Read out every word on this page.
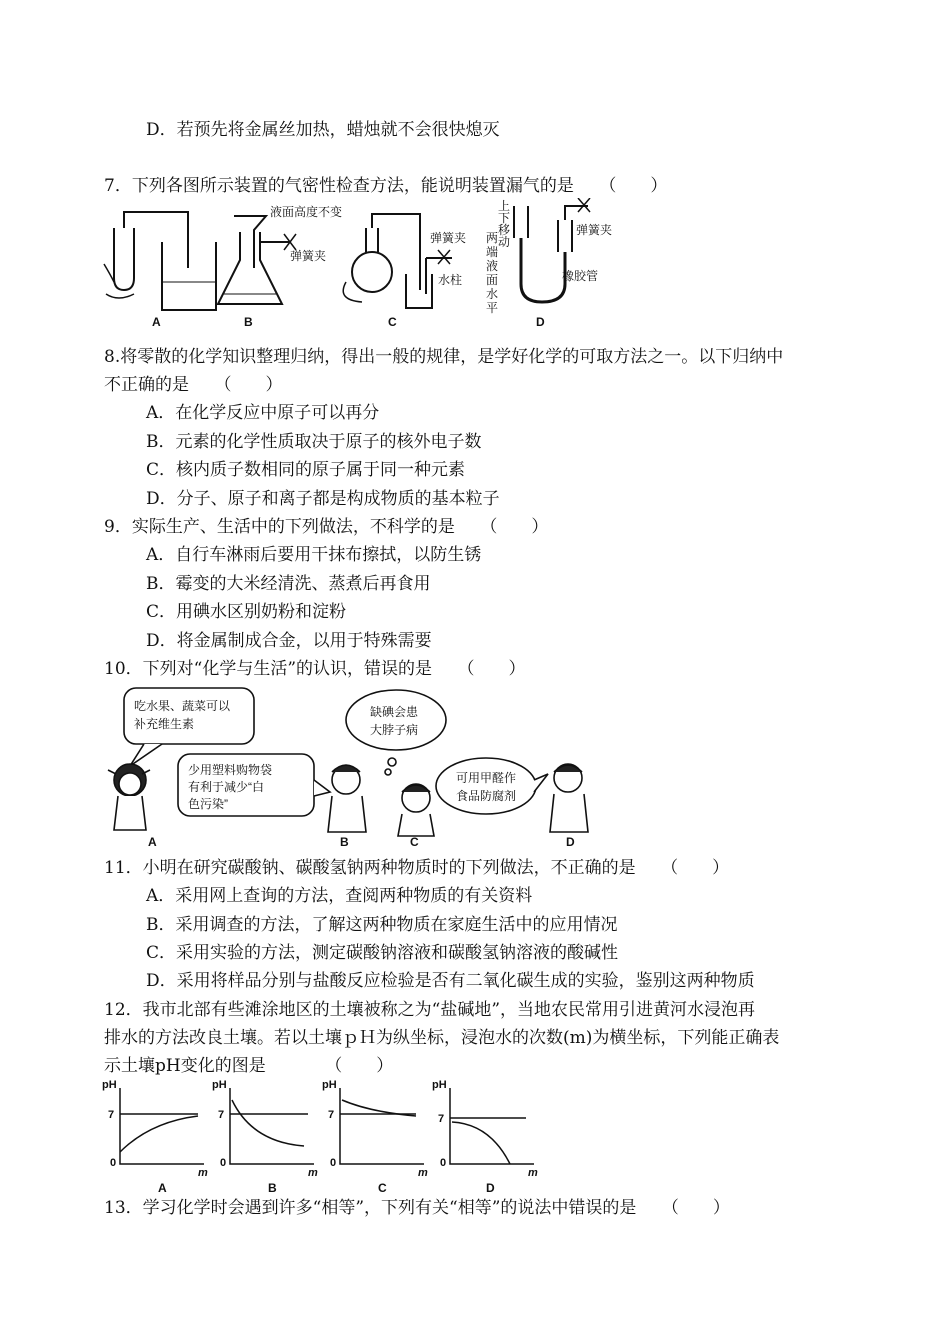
D．若预先将金属丝加热，蜡烛就不会很快熄灭
7．下列各图所示装置的气密性检查方法，能说明装置漏气的是　　（　　）
A	B	C	D
液面高度不变
弹簧夹
弹簧夹
水柱
弹簧夹
橡胶管
上
下
移
动
两
端
液
面
水
平
8.将零散的化学知识整理归纳，得出一般的规律，是学好化学的可取方法之一。以下归纳中
不正确的是　　（　　）
A．在化学反应中原子可以再分
B．元素的化学性质取决于原子的核外电子数
C．核内质子数相同的原子属于同一种元素
D．分子、原子和离子都是构成物质的基本粒子
9．实际生产、生活中的下列做法，不科学的是　　（　　）
A．自行车淋雨后要用干抹布擦拭，以防生锈
B．霉变的大米经清洗、蒸煮后再食用
C．用碘水区别奶粉和淀粉
D．将金属制成合金，以用于特殊需要
10．下列对“化学与生活”的认识，错误的是　　（　　）
吃水果、蔬菜可以
补充维生素
少用塑料购物袋
有利于减少“白
色污染”
缺碘会患
大脖子病
可用甲醛作
食品防腐剂
A	B	C	D
11．小明在研究碳酸钠、碳酸氢钠两种物质时的下列做法，不正确的是　　（　　）
A．采用网上查询的方法，查阅两种物质的有关资料
B．采用调查的方法，了解这两种物质在家庭生活中的应用情况
C．采用实验的方法，测定碳酸钠溶液和碳酸氢钠溶液的酸碱性
D．采用将样品分别与盐酸反应检验是否有二氧化碳生成的实验，鉴别这两种物质
12．我市北部有些滩涂地区的土壤被称之为“盐碱地”，当地农民常用引进黄河水浸泡再
排水的方法改良土壤。若以土壤ｐＨ为纵坐标，浸泡水的次数(m)为横坐标，下列能正确表
示土壤pH变化的图是　　　　（　　）
pH
7
0
m
pH
7
0
m
pH
7
0
m
pH
7
0
m
A	B	C	D
13．学习化学时会遇到许多“相等”，下列有关“相等”的说法中错误的是　　（　　）
